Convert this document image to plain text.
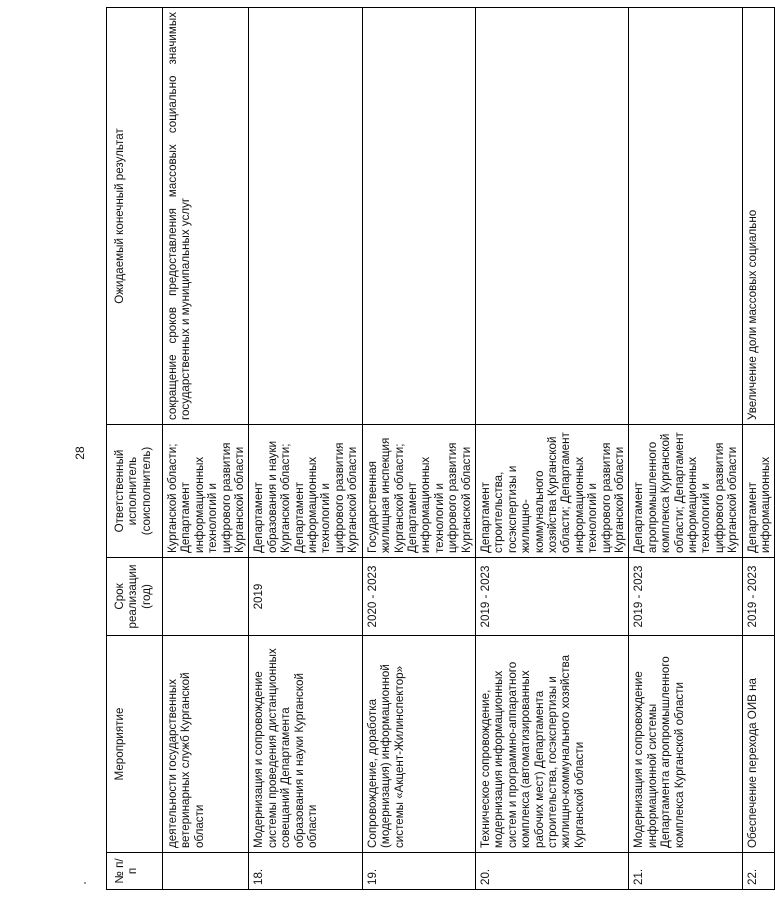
28
№ п/п	Мероприятие	Срок реализации (год)	Ответственный исполнитель (соисполнитель)	Ожидаемый конечный результат
	деятельности государственных ветеринарных служб Курганской области		Курганской области; Департамент информационных технологий и цифрового развития Курганской области	сокращение сроков предоставления массовых социально значимых государственных и муниципальных услуг
18.	Модернизация и сопровождение системы проведения дистанционных совещаний Департамента образования и науки Курганской области	2019	Департамент образования и науки Курганской области; Департамент информационных технологий и цифрового развития Курганской области	
19.	Сопровождение, доработка (модернизация) информационной системы «Акцент-Жилинспектор»	2020 - 2023	Государственная жилищная инспекция Курганской области; Департамент информационных технологий и цифрового развития Курганской области	
20.	Техническое сопровождение, модернизация информационных систем и программно-аппаратного комплекса (автоматизированных рабочих мест) Департамента строительства, госэкспертизы и жилищно-коммунального хозяйства Курганской области	2019 - 2023	Департамент строительства, госэкспертизы и жилищно-коммунального хозяйства Курганской области; Департамент информационных технологий и цифрового развития Курганской области	
21.	Модернизация и сопровождение информационной системы Департамента агропромышленного комплекса Курганской области	2019 - 2023	Департамент агропромышленного комплекса Курганской области; Департамент информационных технологий и цифрового развития Курганской области	
22.	Обеспечение перехода ОИВ на	2019 - 2023	Департамент информационных	Увеличение доли массовых социально
